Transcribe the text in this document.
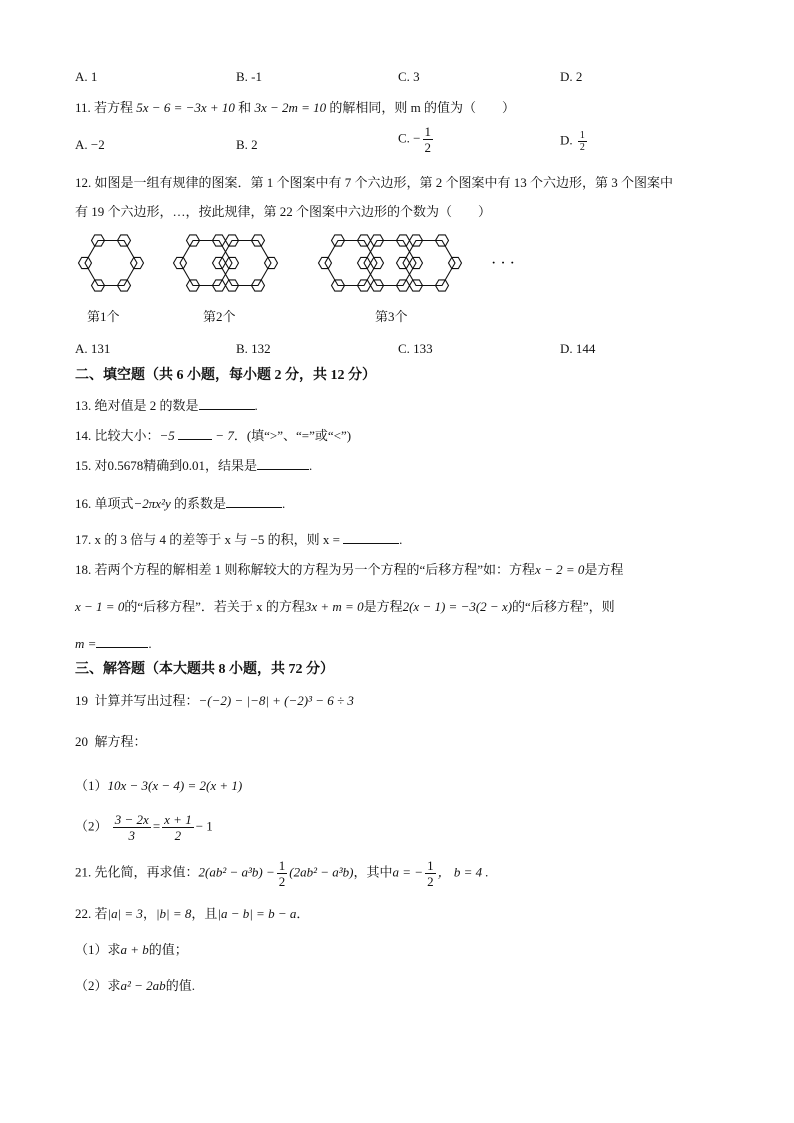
A. 1	B. -1	C. 3	D. 2
11. 若方程 5x − 6 = −3x + 10 和 3x − 2m = 10 的解相同，则 m 的值为（　　）
A. −2	B. 2	C. − $\frac{1}{2}$	D. $\frac{1}{2}$
12. 如图是一组有规律的图案．第 1 个图案中有 7 个六边形，第 2 个图案中有 13 个六边形，第 3 个图案中
有 19 个六边形，…，按此规律，第 22 个图案中六边形的个数为（　　）
· · ·
第1个	第2个	第3个
A. 131	B. 132	C. 133	D. 144
二、填空题（共 6 小题，每小题 2 分，共 12 分）
13. 绝对值是 2 的数是	.
14. 比较大小：−5	− 7．(填“>”、“=”或“<”)
15. 对0.5678精确到0.01，结果是	.
16. 单项式−2πx²y 的系数是	.
17. x 的 3 倍与 4 的差等于 x 与 −5 的积，则 x =	.
18. 若两个方程的解相差 1 则称解较大的方程为另一个方程的“后移方程”如：方程x − 2 = 0是方程
x − 1 = 0的“后移方程”．若关于 x 的方程3x + m = 0是方程2(x − 1) = −3(2 − x)的“后移方程”，则
m =	.
三、解答题（本大题共 8 小题，共 72 分）
19 计算并写出过程：−(−2) − |−8| + (−2)³ − 6 ÷ 3
20 解方程：
（1）10x − 3(x − 4) = 2(x + 1)
$(2) \frac{3 - 2x}{3} = \frac{x + 1}{2} - 1$
21. 先化简，再求值：$2(ab^2 - a^3b) - \frac{1}{2} (2ab^2 - a^3b)$，其中a = − $\frac{1}{2}$ ， b = 4 .
22. 若|a| = 3，|b| = 8，且|a − b| = b − a．
（1）求a + b的值；
（2）求a² − 2ab的值.
